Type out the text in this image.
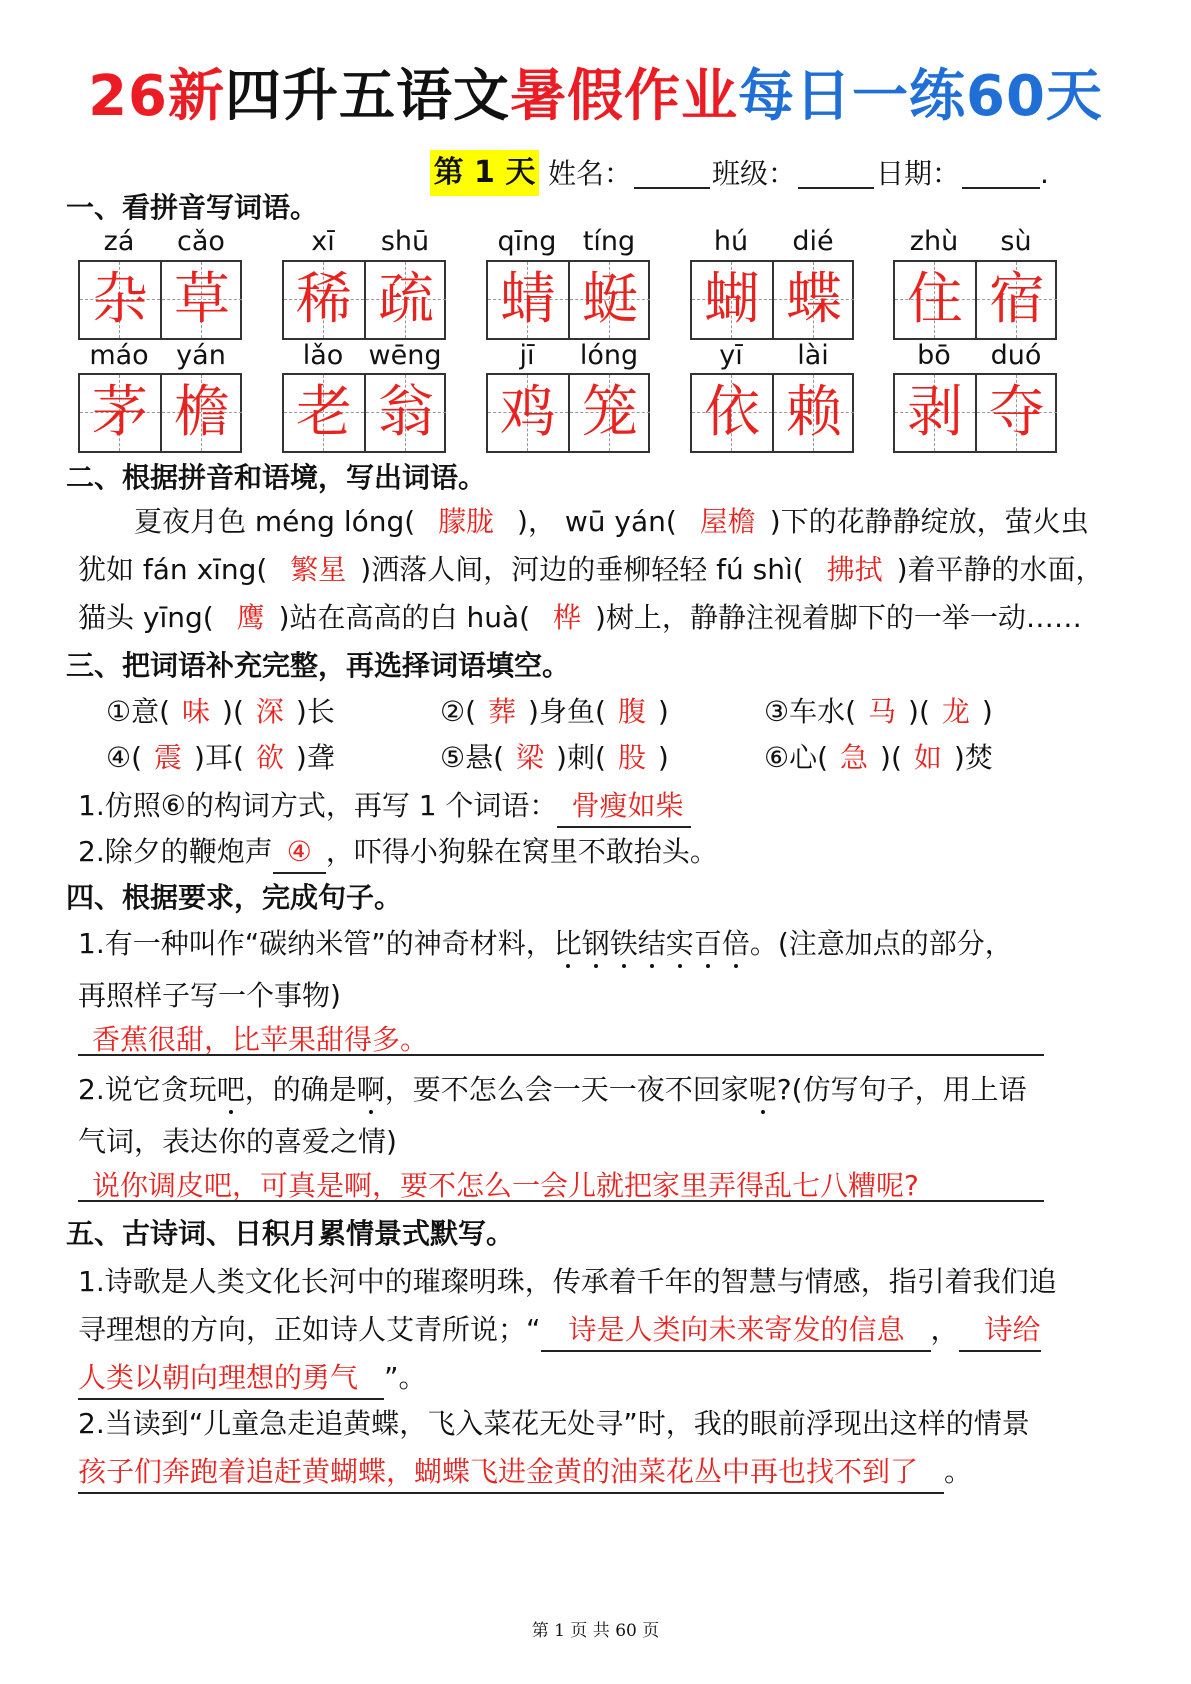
26新四升五语文暑假作业每日一练60天
第 1 天 姓名：	班级：	日期：	.
一、看拼音写词语。
zá	cǎo
杂 草
xī	shū
稀 疏
qīng tíng
蜻 蜓
hú	dié
蝴 蝶
zhù	sù
住 宿
máo	yán
茅 檐
lǎo wēng
老 翁
jī	lóng
鸡 笼
yī	lài
依 赖
bō	duó
剥 夺
二、根据拼音和语境，写出词语。
夏夜月色 méng lóng( 朦胧 )， wū yán( 屋檐 )下的花静静绽放，萤火虫
犹如 fán xīng( 繁星 )洒落人间，河边的垂柳轻轻 fú shì( 拂拭 )着平静的水面，
猫头 yīng( 鹰 )站在高高的白 huà( 桦 )树上，静静注视着脚下的一举一动……
三、把词语补充完整，再选择词语填空。
①意( 味 )( 深 )长	②( 葬 )身鱼( 腹 )	③车水( 马 )( 龙 )
④( 震 )耳( 欲 )聋	⑤悬( 梁 )刺( 股 )	⑥心( 急 )( 如 )焚
1.仿照⑥的构词方式，再写 1 个词语： 骨瘦如柴
2.除夕的鞭炮声 ④ ，吓得小狗躲在窝里不敢抬头。
四、根据要求，完成句子。
1.有一种叫作“碳纳米管”的神奇材料，比钢铁结实百倍。(注意加点的部分，
再照样子写一个事物)
香蕉很甜，比苹果甜得多。
2.说它贪玩吧，的确是啊，要不怎么会一天一夜不回家呢?(仿写句子，用上语
气词，表达你的喜爱之情)
说你调皮吧，可真是啊，要不怎么一会儿就把家里弄得乱七八糟呢?
五、古诗词、日积月累情景式默写。
1.诗歌是人类文化长河中的璀璨明珠，传承着千年的智慧与情感，指引着我们追
寻理想的方向，正如诗人艾青所说；“ 诗是人类向未来寄发的信息 ， 诗给
人类以朝向理想的勇气 ”。
2.当读到“儿童急走追黄蝶，飞入菜花无处寻”时，我的眼前浮现出这样的情景
孩子们奔跑着追赶黄蝴蝶，蝴蝶飞进金黄的油菜花丛中再也找不到了 。
第 1 页 共 60 页
